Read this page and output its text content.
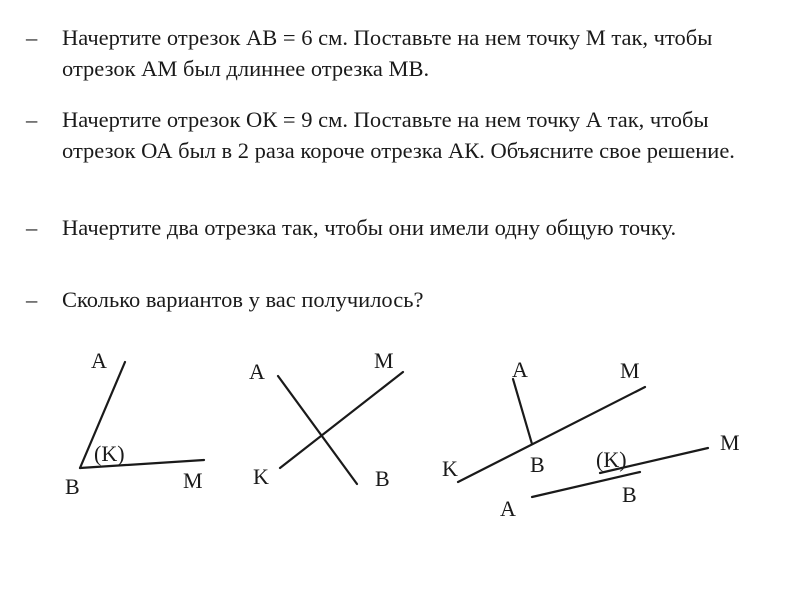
–	Начертите отрезок АВ = 6 см. Поставьте на нем точку М так, чтобы отрезок АМ был длиннее отрезка МВ.
–	Начертите отрезок ОК = 9 см. Поставьте на нем точку А так, чтобы отрезок ОА был в 2 раза короче отрезка АК. Объясните свое решение.
–	Начертите два отрезка так, чтобы они имели одну общую точку.
–	Сколько вариантов у вас получилось?
A
(K)
B	M
A	M
K	B
A	M
K	B (K)
M
B
A
